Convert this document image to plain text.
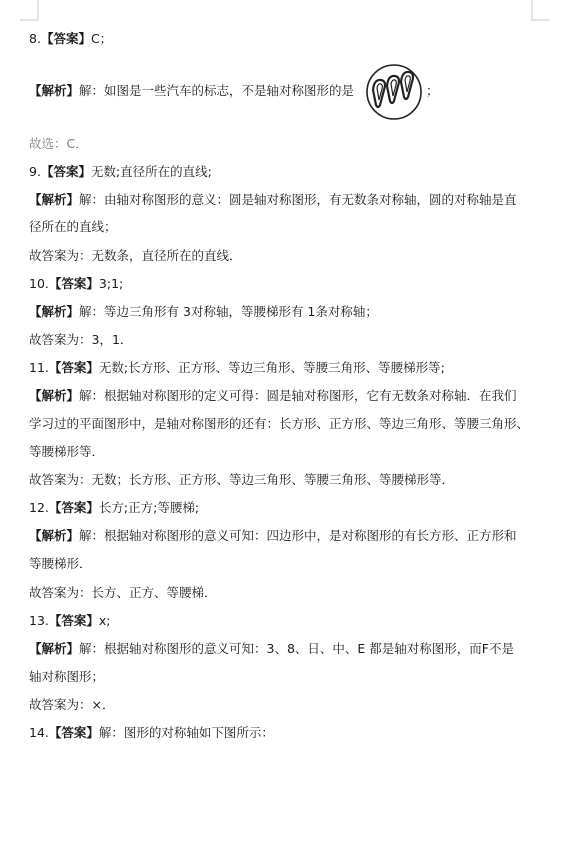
8.【答案】C；
【解析】解：如图是一些汽车的标志，不是轴对称图形的是	；
故选：C．
9.【答案】无数;直径所在的直线;
【解析】解：由轴对称图形的意义：圆是轴对称图形，有无数条对称轴，圆的对称轴是直
径所在的直线；
故答案为：无数条，直径所在的直线．
10.【答案】3;1;
【解析】解：等边三角形有 3对称轴，等腰梯形有 1条对称轴；
故答案为：3，1．
11.【答案】无数;长方形、正方形、等边三角形、等腰三角形、等腰梯形等;
【解析】解：根据轴对称图形的定义可得：圆是轴对称图形，它有无数条对称轴．在我们
学习过的平面图形中，是轴对称图形的还有：长方形、正方形、等边三角形、等腰三角形、
等腰梯形等．
故答案为：无数；长方形、正方形、等边三角形、等腰三角形、等腰梯形等．
12.【答案】长方;正方;等腰梯;
【解析】解：根据轴对称图形的意义可知：四边形中，是对称图形的有长方形、正方形和
等腰梯形．
故答案为：长方、正方、等腰梯．
13.【答案】x;
【解析】解：根据轴对称图形的意义可知：3、8、日、中、E 都是轴对称图形，而F不是
轴对称图形；
故答案为：×．
14.【答案】解：图形的对称轴如下图所示：
